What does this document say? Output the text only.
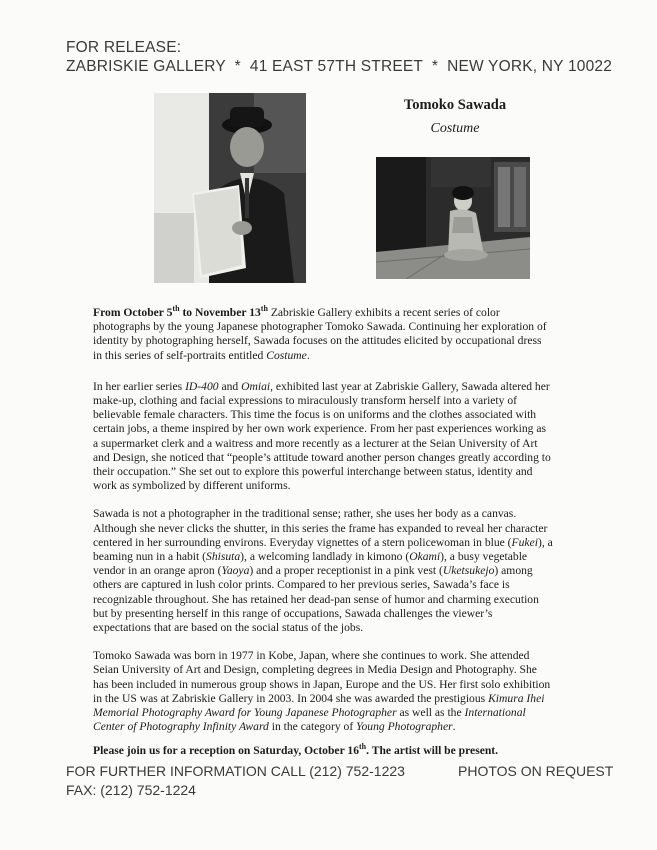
FOR RELEASE:
ZABRISKIE GALLERY  *  41 EAST 57TH STREET  *  NEW YORK, NY 10022
Tomoko Sawada
Costume

From October 5th to November 13th Zabriskie Gallery exhibits a recent series of color photographs by the young Japanese photographer Tomoko Sawada. Continuing her exploration of identity by photographing herself, Sawada focuses on the attitudes elicited by occupational dress in this series of self-portraits entitled Costume.

In her earlier series ID-400 and Omiai, exhibited last year at Zabriskie Gallery, Sawada altered her make-up, clothing and facial expressions to miraculously transform herself into a variety of believable female characters. This time the focus is on uniforms and the clothes associated with certain jobs, a theme inspired by her own work experience. From her past experiences working as a supermarket clerk and a waitress and more recently as a lecturer at the Seian University of Art and Design, she noticed that “people’s attitude toward another person changes greatly according to their occupation.” She set out to explore this powerful interchange between status, identity and work as symbolized by different uniforms.

Sawada is not a photographer in the traditional sense; rather, she uses her body as a canvas. Although she never clicks the shutter, in this series the frame has expanded to reveal her character centered in her surrounding environs. Everyday vignettes of a stern policewoman in blue (Fukei), a beaming nun in a habit (Shisuta), a welcoming landlady in kimono (Okami), a busy vegetable vendor in an orange apron (Yaoya) and a proper receptionist in a pink vest (Uketsukejo) among others are captured in lush color prints. Compared to her previous series, Sawada’s face is recognizable throughout. She has retained her dead-pan sense of humor and charming execution but by presenting herself in this range of occupations, Sawada challenges the viewer’s expectations that are based on the social status of the jobs.

Tomoko Sawada was born in 1977 in Kobe, Japan, where she continues to work. She attended Seian University of Art and Design, completing degrees in Media Design and Photography. She has been included in numerous group shows in Japan, Europe and the US. Her first solo exhibition in the US was at Zabriskie Gallery in 2003. In 2004 she was awarded the prestigious Kimura Ihei Memorial Photography Award for Young Japanese Photographer as well as the International Center of Photography Infinity Award in the category of Young Photographer.

Please join us for a reception on Saturday, October 16th. The artist will be present.

FOR FURTHER INFORMATION CALL (212) 752-1223
FAX: (212) 752-1224
PHOTOS ON REQUEST
